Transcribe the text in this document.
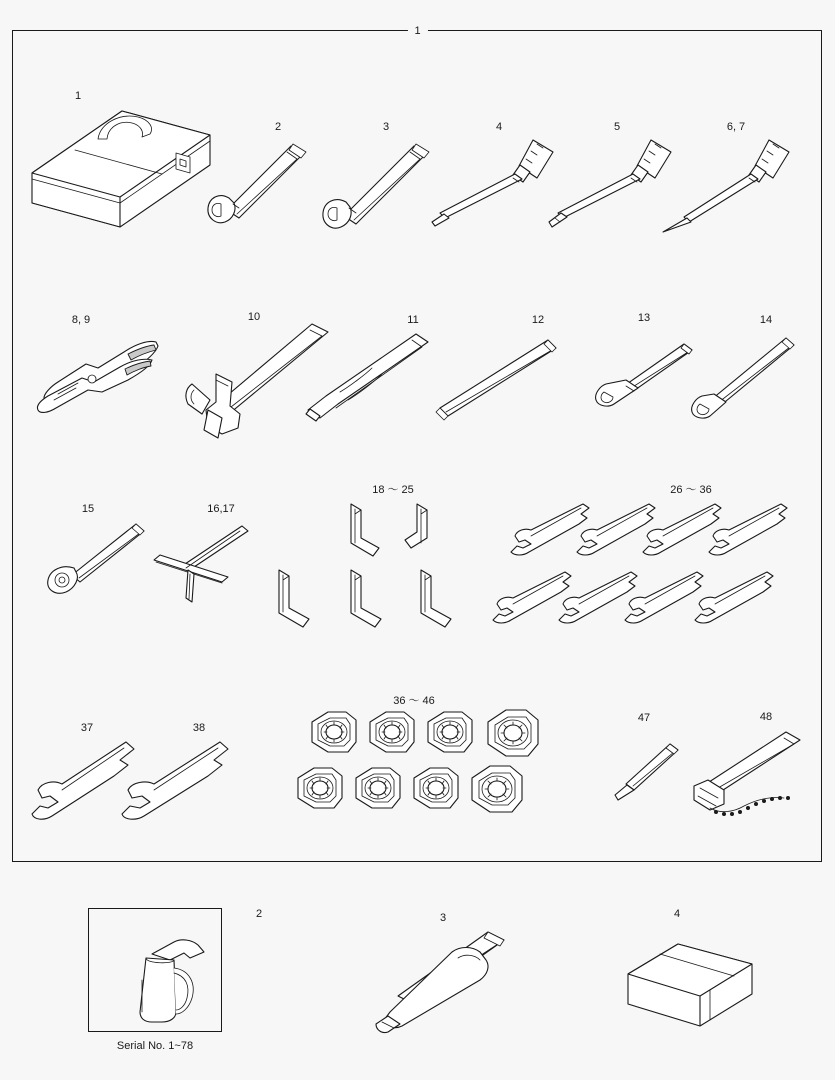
1
1
2	3	4	5	6, 7
8, 9	10	11	12	13	14
15	16,17
18 ～ 25	26 ～ 36
37	38
36 ～ 46
47	48
2	3	4
Serial No. 1~78
